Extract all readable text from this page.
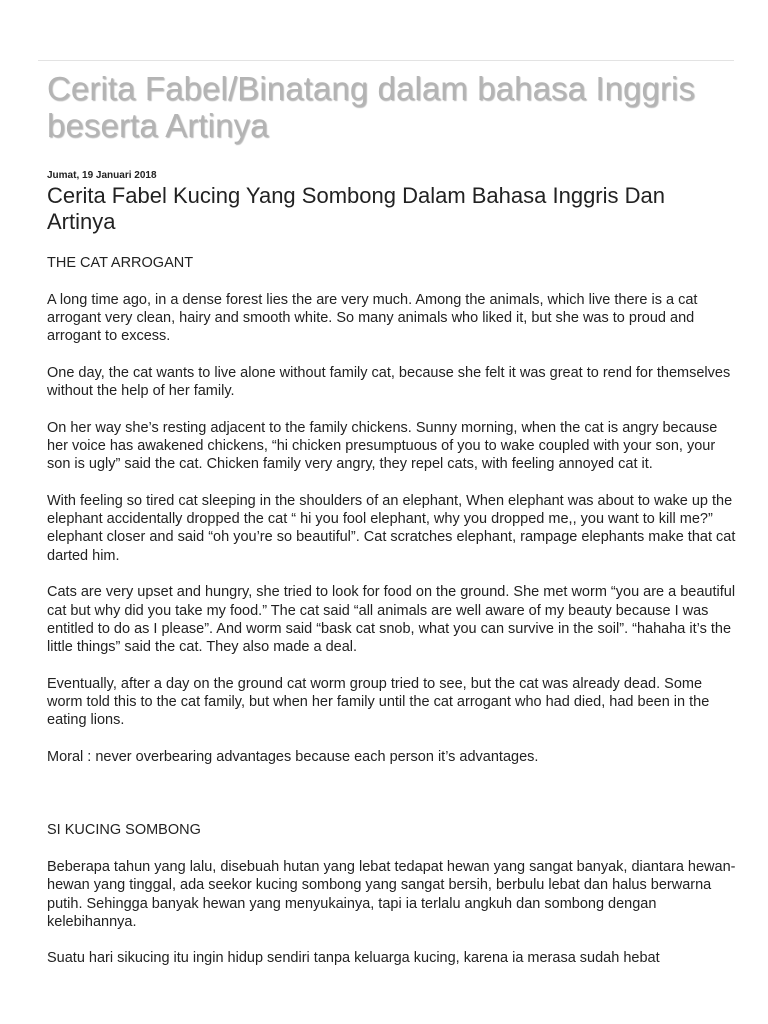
Cerita Fabel/Binatang dalam bahasa Inggris beserta Artinya

Jumat, 19 Januari 2018

Cerita Fabel Kucing Yang Sombong Dalam Bahasa Inggris Dan Artinya

THE CAT ARROGANT

A long time ago, in a dense forest lies the are very much. Among the animals, which live there is a cat arrogant very clean, hairy and smooth white. So many animals who liked it, but she was to proud and arrogant to excess.

One day, the cat wants to live alone without family cat, because she felt it was great to rend for themselves without the help of her family.

On her way she’s resting adjacent to the family chickens. Sunny morning, when the cat is angry because her voice has awakened chickens, “hi chicken presumptuous of you to wake coupled with your son, your son is ugly” said the cat. Chicken family very angry, they repel cats, with feeling annoyed cat it.

With feeling so tired cat sleeping in the shoulders of an elephant, When elephant was about to wake up the elephant accidentally dropped the cat “ hi you fool elephant, why you dropped me,, you want to kill me?” elephant closer and said “oh you’re so beautiful”. Cat scratches elephant, rampage elephants make that cat darted him.

Cats are very upset and hungry, she tried to look for food on the ground. She met worm “you are a beautiful cat but why did you take my food.” The cat said “all animals are well aware of my beauty because I was entitled to do as I please”. And worm said “bask cat snob, what you can survive in the soil”. “hahaha it’s the little things” said the cat. They also made a deal.

Eventually, after a day on the ground cat worm group tried to see, but the cat was already dead. Some worm told this to the cat family, but when her family until the cat arrogant who had died, had been in the eating lions.

Moral : never overbearing advantages because each person it’s advantages.

SI KUCING SOMBONG

Beberapa tahun yang lalu, disebuah hutan yang lebat tedapat hewan yang sangat banyak, diantara hewan-hewan yang tinggal, ada seekor kucing sombong yang sangat bersih, berbulu lebat dan halus berwarna putih. Sehingga banyak hewan yang menyukainya, tapi ia terlalu angkuh dan sombong dengan kelebihannya.

Suatu hari sikucing itu ingin hidup sendiri tanpa keluarga kucing, karena ia merasa sudah hebat
